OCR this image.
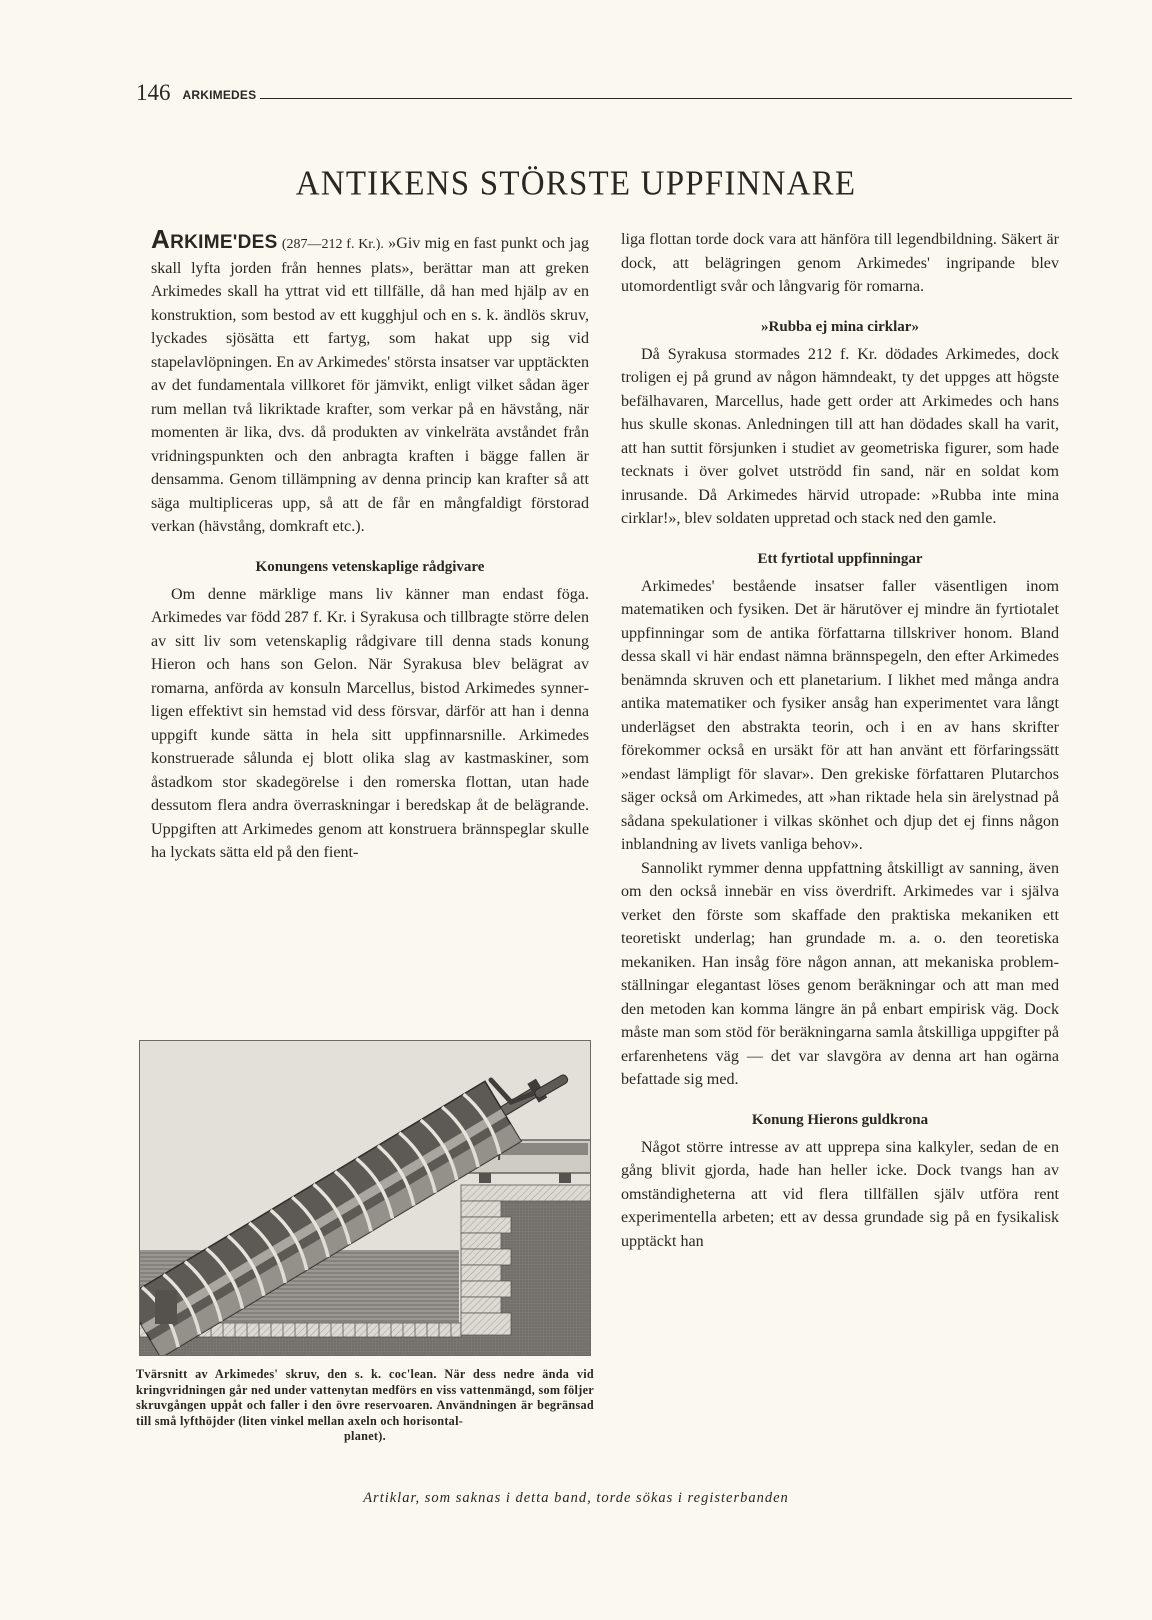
146 ARKIMEDES
ANTIKENS STÖRSTE UPPFINNARE

ARKIME'DES (287—212 f. Kr.). »Giv mig en fast punkt och jag skall lyfta jorden från hennes plats», berättar man att greken Arkimedes skall ha yttrat vid ett tillfälle, då han med hjälp av en konstruktion, som bestod av ett kugghjul och en s. k. ändlös skruv, lyckades sjösätta ett fartyg, som hakat upp sig vid stapelavlöpningen. En av Arkimedes' största insatser var upptäckten av det fundamentala villkoret för jämvikt, enligt vilket sådan äger rum mellan två likriktade krafter, som verkar på en hävstång, när momenten är lika, dvs. då produkten av vinkelräta avståndet från vridningspunkten och den anbragta kraften i bägge fallen är densamma. Genom tillämpning av denna princip kan krafter så att säga multipliceras upp, så att de får en mångfaldigt förstorad verkan (hävstång, domkraft etc.).

Konungens vetenskaplige rådgivare

Om denne märklige mans liv känner man endast föga. Arkimedes var född 287 f. Kr. i Syrakusa och tillbragte större delen av sitt liv som vetenskaplig rådgivare till denna stads konung Hieron och hans son Gelon. När Syrakusa blev belägrat av romarna, anförda av konsuln Marcellus, bistod Arkimedes synnerligen effektivt sin hemstad vid dess försvar, därför att han i denna uppgift kunde sätta in hela sitt uppfinnarsnille. Arkimedes konstruerade sålunda ej blott olika slag av kastmaskiner, som åstadkom stor skadegörelse i den romerska flottan, utan hade dessutom flera andra överraskningar i beredskap åt de belägrande. Uppgiften att Arkimedes genom att konstruera brännspeglar skulle ha lyckats sätta eld på den fient-

Tvärsnitt av Arkimedes' skruv, den s. k. coc'lean. När dess nedre ända vid kringvridningen går ned under vattenytan medförs en viss vattenmängd, som följer skruvgången uppåt och faller i den övre reservoaren. Användningen är begränsad till små lyfthöjder (liten vinkel mellan axeln och horisontal-
planet).

liga flottan torde dock vara att hänföra till legendbildning. Säkert är dock, att belägringen genom Arkimedes' ingripande blev utomordentligt svår och långvarig för romarna.

»Rubba ej mina cirklar»

Då Syrakusa stormades 212 f. Kr. dödades Arkimedes, dock troligen ej på grund av någon hämndeakt, ty det uppges att högste befälhavaren, Marcellus, hade gett order att Arkimedes och hans hus skulle skonas. Anledningen till att han dödades skall ha varit, att han suttit försjunken i studiet av geometriska figurer, som hade tecknats i över golvet utströdd fin sand, när en soldat kom inrusande. Då Arkimedes härvid utropade: »Rubba inte mina cirklar!», blev soldaten uppretad och stack ned den gamle.

Ett fyrtiotal uppfinningar

Arkimedes' bestående insatser faller väsentligen inom matematiken och fysiken. Det är härutöver ej mindre än fyrtiotalet uppfinningar som de antika författarna tillskriver honom. Bland dessa skall vi här endast nämna brännspegeln, den efter Arkimedes benämnda skruven och ett planetarium. I likhet med många andra antika matematiker och fysiker ansåg han experimentet vara långt underlägset den abstrakta teorin, och i en av hans skrifter förekommer också en ursäkt för att han använt ett förfaringssätt »endast lämpligt för slavar». Den grekiske författaren Plutarchos säger också om Arkimedes, att »han riktade hela sin ärelystnad på sådana spekulationer i vilkas skönhet och djup det ej finns någon inblandning av livets vanliga behov».

Sannolikt rymmer denna uppfattning åtskilligt av sanning, även om den också innebär en viss överdrift. Arkimedes var i själva verket den förste som skaffade den praktiska mekaniken ett teoretiskt underlag; han grundade m. a. o. den teoretiska mekaniken. Han insåg före någon annan, att mekaniska problemställningar elegantast löses genom beräkningar och att man med den metoden kan komma längre än på enbart empirisk väg. Dock måste man som stöd för beräkningarna samla åtskilliga uppgifter på erfarenhetens väg — det var slavgöra av denna art han ogärna befattade sig med.

Konung Hierons guldkrona

Något större intresse av att upprepa sina kalkyler, sedan de en gång blivit gjorda, hade han heller icke. Dock tvangs han av omständigheterna att vid flera tillfällen själv utföra rent experimentella arbeten; ett av dessa grundade sig på en fysikalisk upptäckt han

Artiklar, som saknas i detta band, torde sökas i registerbanden
